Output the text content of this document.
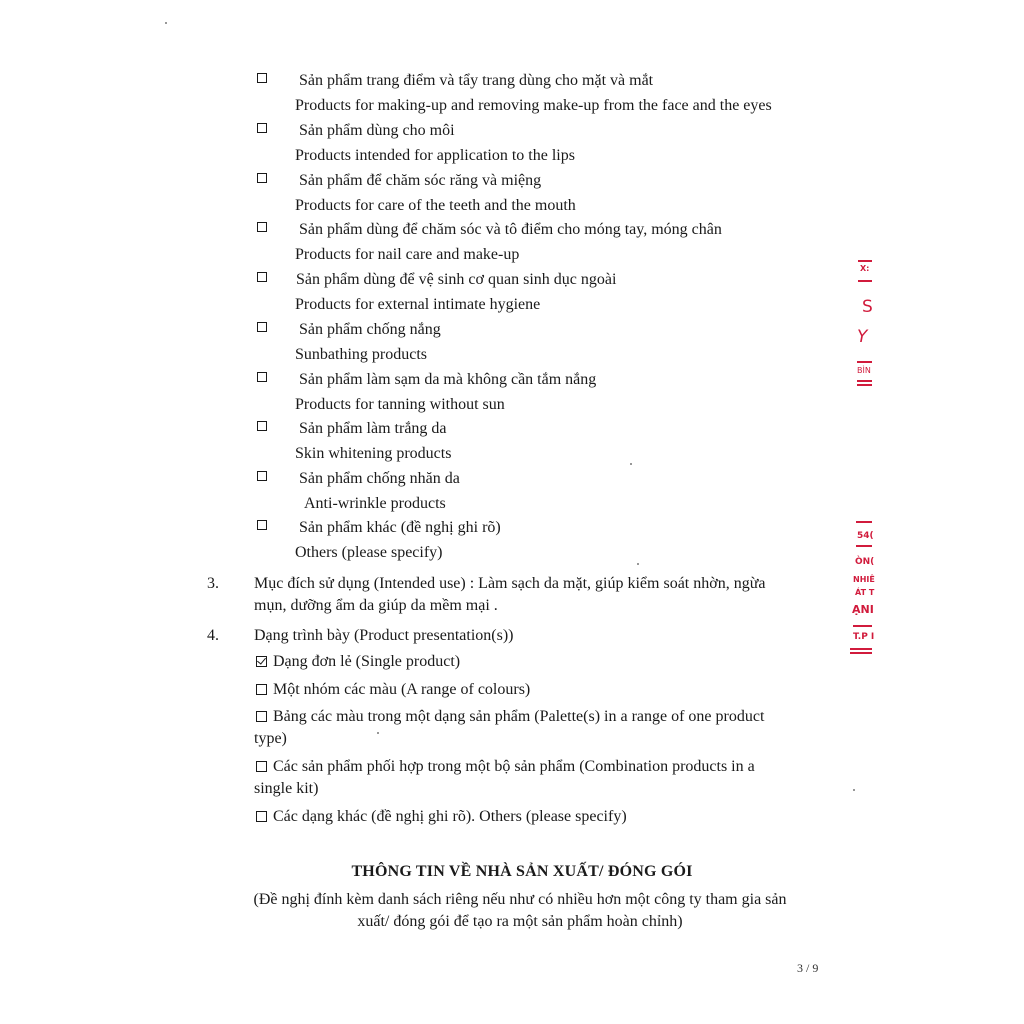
Sản phẩm trang điểm và tẩy trang dùng cho mặt và mắt
Products for making-up and removing make-up from the face and the eyes
Sản phẩm dùng cho môi
Products intended for application to the lips
Sản phẩm để chăm sóc răng và miệng
Products for care of the teeth and the mouth
Sản phẩm dùng để chăm sóc và tô điểm cho móng tay, móng chân
Products for nail care and make-up
Sản phẩm dùng để vệ sinh cơ quan sinh dục ngoài
Products for external intimate hygiene
Sản phẩm chống nắng
Sunbathing products
Sản phẩm làm sạm da mà không cần tắm nắng
Products for tanning without sun
Sản phẩm làm trắng da
Skin whitening products
Sản phẩm chống nhăn da
Anti-wrinkle products
Sản phẩm khác (đề nghị ghi rõ)
Others (please specify)
3. Mục đích sử dụng (Intended use) : Làm sạch da mặt, giúp kiểm soát nhờn, ngừa
mụn, dưỡng ẩm da giúp da mềm mại .
4. Dạng trình bày (Product presentation(s))
Dạng đơn lẻ (Single product)
Một nhóm các màu (A range of colours)
Bảng các màu trong một dạng sản phẩm (Palette(s) in a range of one product
type)
Các sản phẩm phối hợp trong một bộ sản phẩm (Combination products in a
single kit)
Các dạng khác (đề nghị ghi rõ). Others (please specify)
THÔNG TIN VỀ NHÀ SẢN XUẤT/ ĐÓNG GÓI
(Đề nghị đính kèm danh sách riêng nếu như có nhiều hơn một công ty tham gia sản
xuất/ đóng gói để tạo ra một sản phẩm hoàn chỉnh)
3 / 9
X:
S
Y
BÌN
54(
ÒN(
NHIÊ
ÁT T
ẠNI
T.P I
